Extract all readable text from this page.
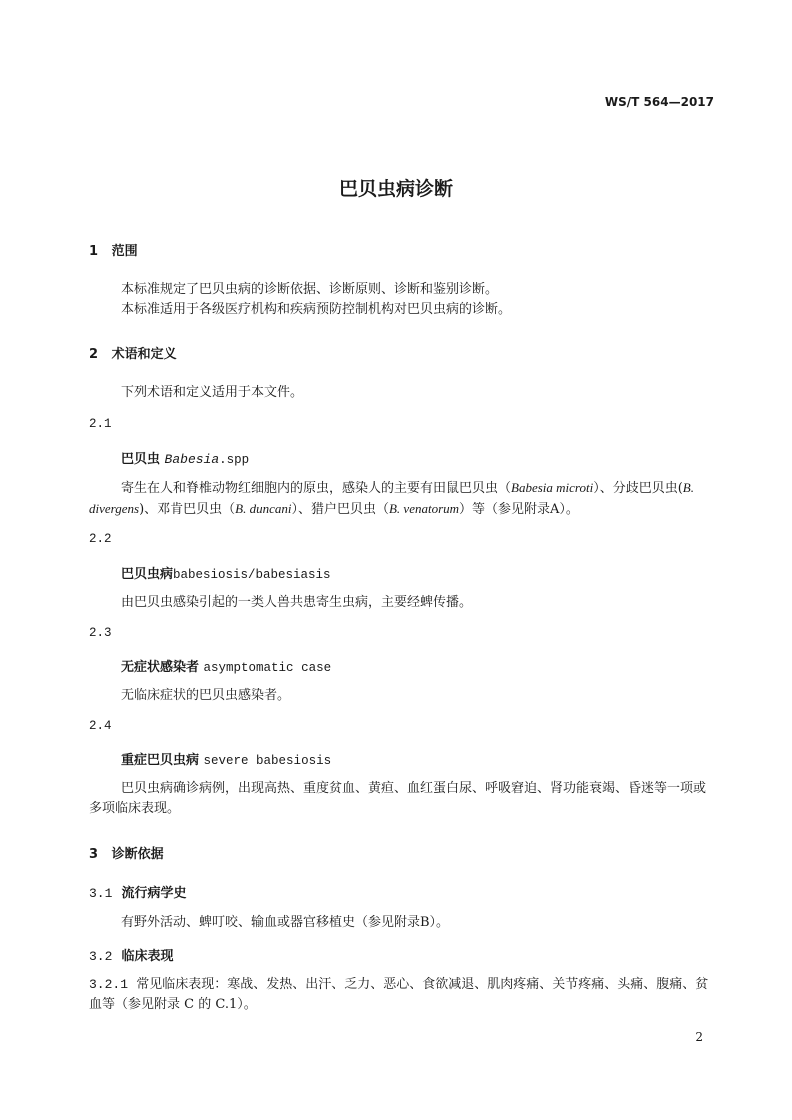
WS/T 564—2017
巴贝虫病诊断
1 范围
本标准规定了巴贝虫病的诊断依据、诊断原则、诊断和鉴别诊断。
本标准适用于各级医疗机构和疾病预防控制机构对巴贝虫病的诊断。
2 术语和定义
下列术语和定义适用于本文件。
2.1
巴贝虫 Babesia.spp
寄生在人和脊椎动物红细胞内的原虫，感染人的主要有田鼠巴贝虫（Babesia microti）、分歧巴贝虫(B. divergens)、邓肯巴贝虫（B. duncani）、猎户巴贝虫（B. venatorum）等（参见附录A）。
2.2
巴贝虫病babesiosis/babesiasis
由巴贝虫感染引起的一类人兽共患寄生虫病，主要经蜱传播。
2.3
无症状感染者 asymptomatic case
无临床症状的巴贝虫感染者。
2.4
重症巴贝虫病 severe babesiosis
巴贝虫病确诊病例，出现高热、重度贫血、黄疸、血红蛋白尿、呼吸窘迫、肾功能衰竭、昏迷等一项或多项临床表现。
3 诊断依据
3.1 流行病学史
有野外活动、蜱叮咬、输血或器官移植史（参见附录B）。
3.2 临床表现
3.2.1 常见临床表现：寒战、发热、出汗、乏力、恶心、食欲减退、肌肉疼痛、关节疼痛、头痛、腹痛、贫血等（参见附录 C 的 C.1）。
2
